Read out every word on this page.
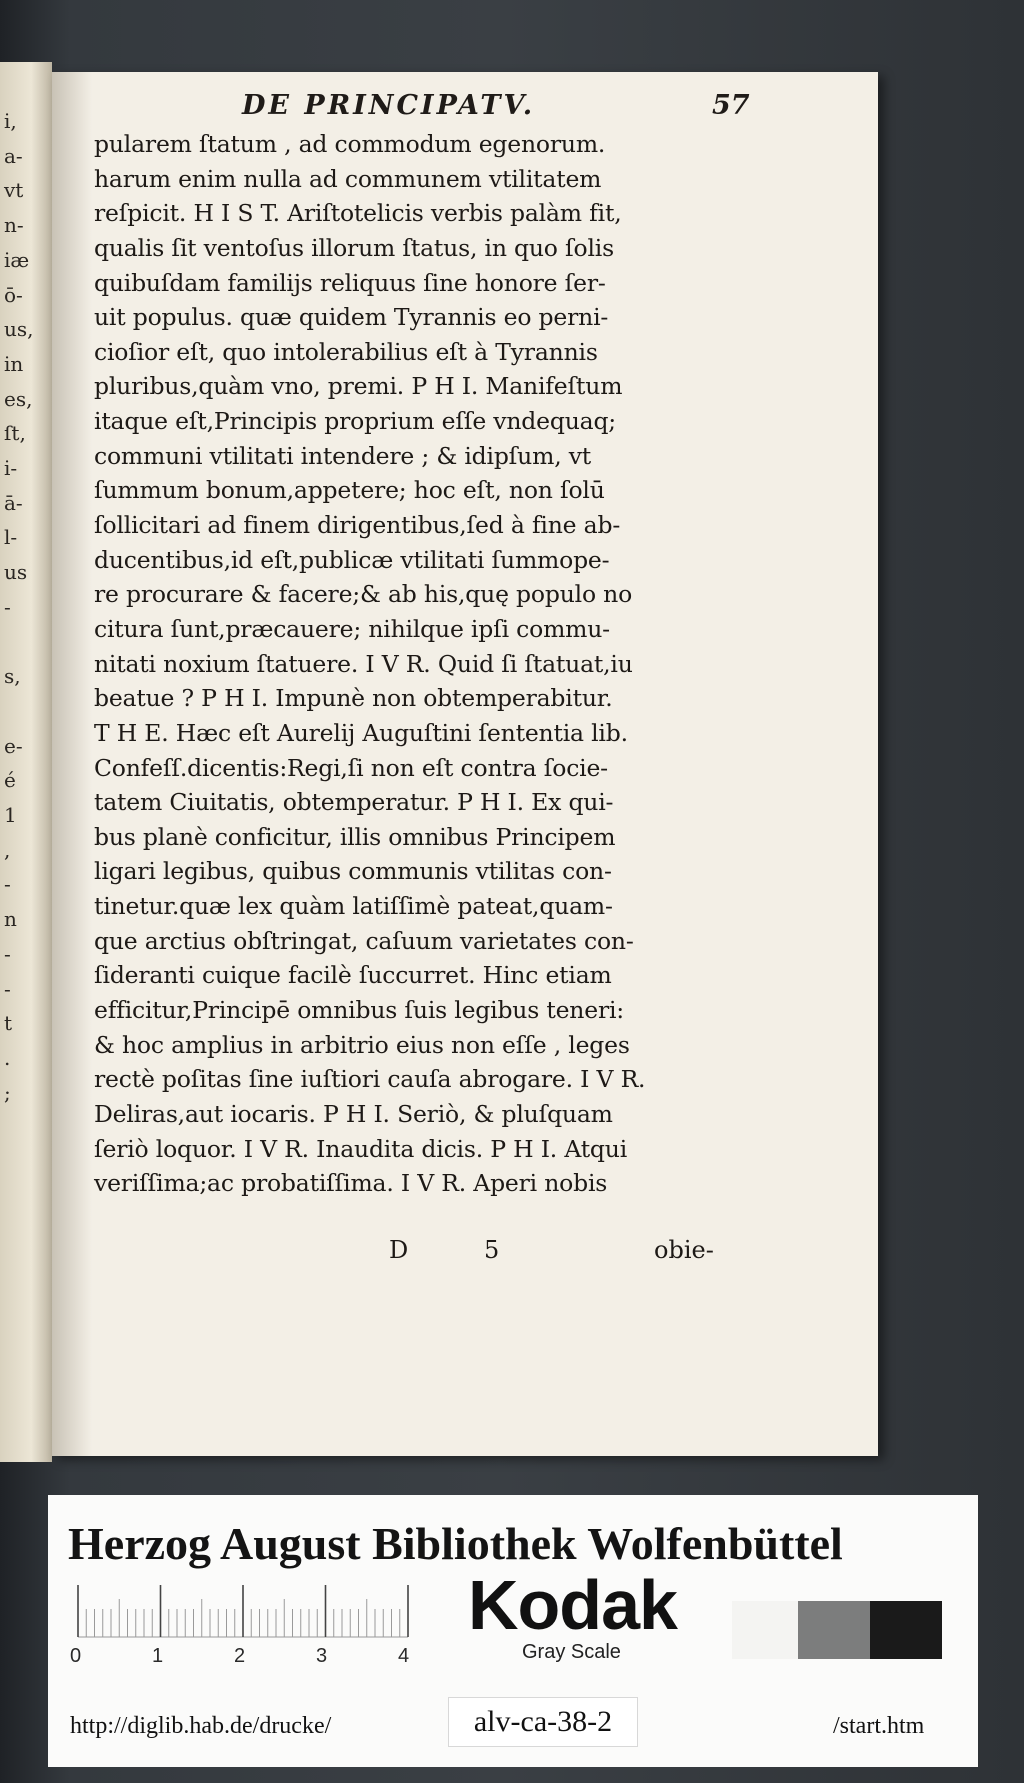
i,
a-
vt
n-
iæ
ō-
us,
in
es,
ſt,
i-
ā-
l-
us
-
s,
e-
é
1
,
-
n
-
-
t
.
;
DE PRINCIPATV.	57
pularem ſtatum , ad commodum egenorum.
harum enim nulla ad communem vtilitatem
reſpicit. H I S T. Ariſtotelicis verbis palàm fit,
qualis ſit ventoſus illorum ſtatus, in quo ſolis
quibuſdam familijs reliquus ſine honore ſer-
uit populus. quæ quidem Tyrannis eo perni-
cioſior eſt, quo intolerabilius eſt à Tyrannis
pluribus,quàm vno, premi. P H I. Manifeſtum
itaque eſt,Principis proprium eſſe vndequaq;
communi vtilitati intendere ; & idipſum, vt
ſummum bonum,appetere; hoc eſt, non ſolū
ſollicitari ad finem dirigentibus,ſed à fine ab-
ducentibus,id eſt,publicæ vtilitati ſummope-
re procurare & facere;& ab his,quę populo no
citura ſunt,præcauere; nihilque ipſi commu-
nitati noxium ſtatuere. I V R. Quid ſi ſtatuat,iu
beatue ? P H I. Impunè non obtemperabitur.
T H E. Hæc eſt Aurelij Auguſtini ſententia lib.
Confeſſ.dicentis:Regi,ſi non eſt contra ſocie-
tatem Ciuitatis, obtemperatur. P H I. Ex qui-
bus planè conficitur, illis omnibus Principem
ligari legibus, quibus communis vtilitas con-
tinetur.quæ lex quàm latiſſimè pateat,quam-
que arctius obſtringat, caſuum varietates con-
ſideranti cuique facilè ſuccurret. Hinc etiam
efficitur,Principē omnibus ſuis legibus teneri:
& hoc amplius in arbitrio eius non eſſe , leges
rectè poſitas ſine iuſtiori cauſa abrogare. I V R.
Deliras,aut iocaris. P H I. Seriò, & pluſquam
ſeriò loquor. I V R. Inaudita dicis. P H I. Atqui
veriſſima;ac probatiſſima. I V R. Aperi nobis
D	5	obie-
Herzog August Bibliothek Wolfenbüttel
0	1	2	3	4
Kodak
Gray Scale
http://diglib.hab.de/drucke/	alv-ca-38-2	/start.htm
